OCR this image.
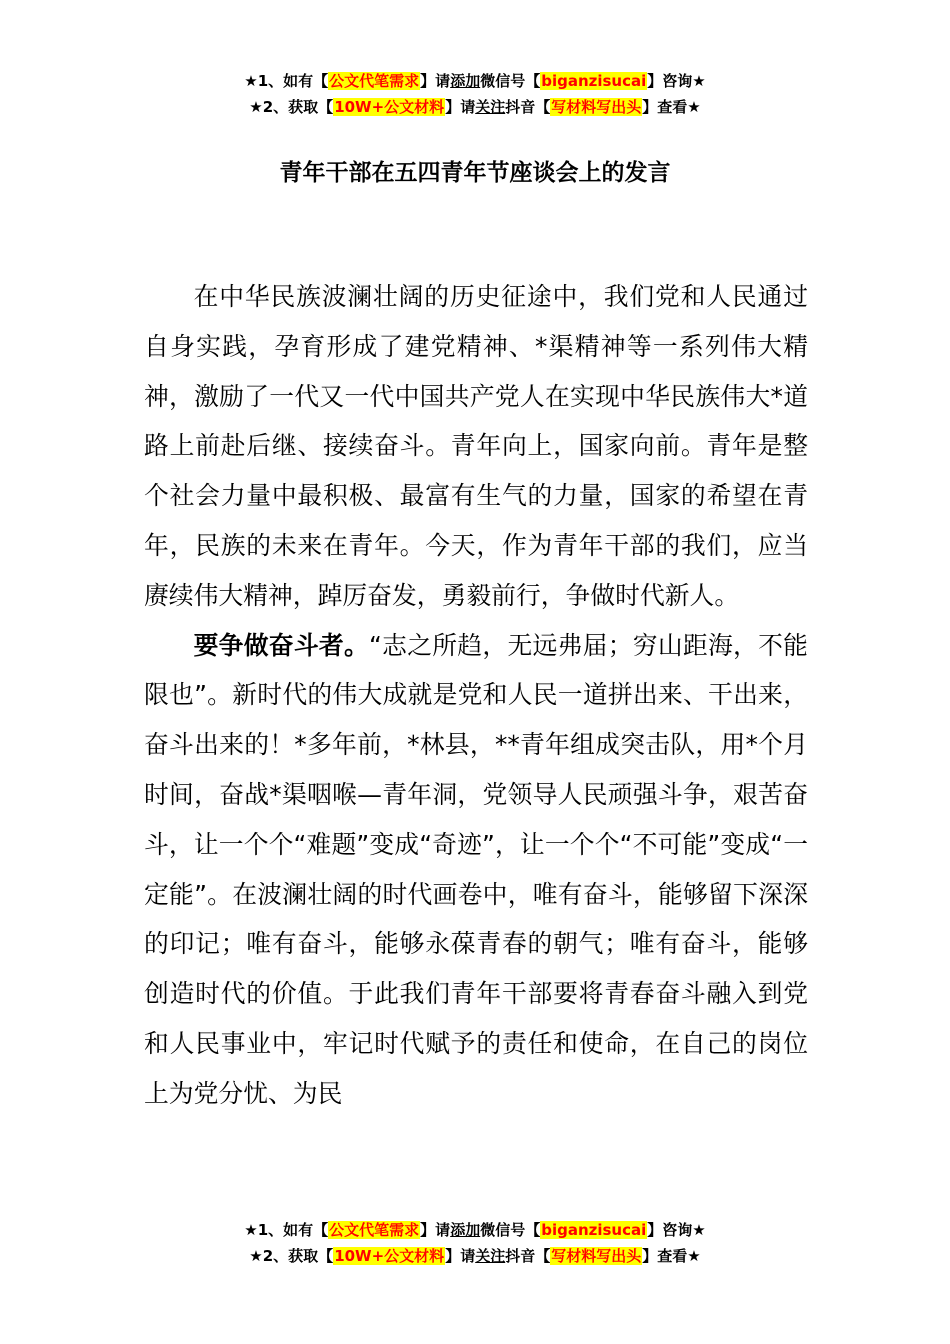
★1、如有【公文代笔需求】请添加微信号【biganzisucai】咨询★
★2、获取【10W+公文材料】请关注抖音【写材料写出头】查看★
青年干部在五四青年节座谈会上的发言

在中华民族波澜壮阔的历史征途中，我们党和人民通过自身实践，孕育形成了建党精神、*渠精神等一系列伟大精神，激励了一代又一代中国共产党人在实现中华民族伟大*道路上前赴后继、接续奋斗。青年向上，国家向前。青年是整个社会力量中最积极、最富有生气的力量，国家的希望在青年，民族的未来在青年。今天，作为青年干部的我们，应当赓续伟大精神，踔厉奋发，勇毅前行，争做时代新人。

要争做奋斗者。“志之所趋，无远弗届；穷山距海，不能限也”。新时代的伟大成就是党和人民一道拼出来、干出来，奋斗出来的！*多年前，*林县，**青年组成突击队，用*个月时间，奋战*渠咽喉—青年洞，党领导人民顽强斗争，艰苦奋斗，让一个个“难题”变成“奇迹”，让一个个“不可能”变成“一定能”。在波澜壮阔的时代画卷中，唯有奋斗，能够留下深深的印记；唯有奋斗，能够永葆青春的朝气；唯有奋斗，能够创造时代的价值。于此我们青年干部要将青春奋斗融入到党和人民事业中，牢记时代赋予的责任和使命，在自己的岗位上为党分忧、为民

★1、如有【公文代笔需求】请添加微信号【biganzisucai】咨询★
★2、获取【10W+公文材料】请关注抖音【写材料写出头】查看★
